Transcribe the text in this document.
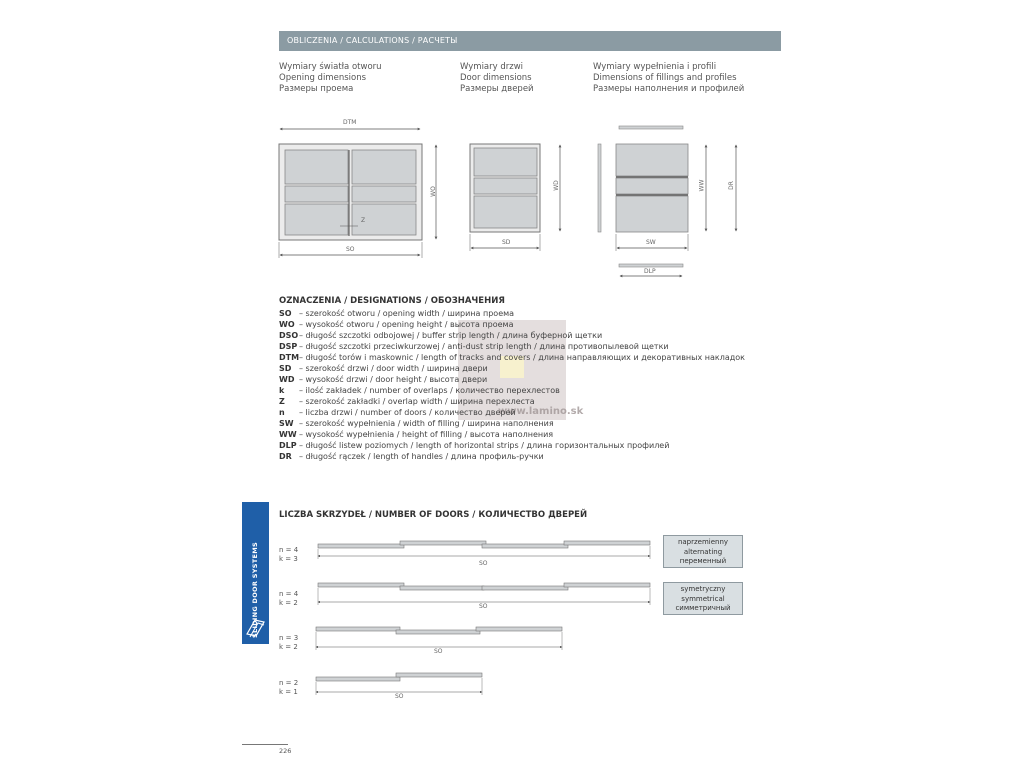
OBLICZENIA / CALCULATIONS / РАСЧЕТЫ
Wymiary światła otworu
Opening dimensions
Размеры проема
Wymiary drzwi
Door dimensions
Размеры дверей
Wymiary wypełnienia i profili
Dimensions of fillings and profiles
Размеры наполнения и профилей
DTM
WO
Z
SO
WD
SD
WW	DR
SW
DLP
www.lamino.sk
OZNACZENIA / DESIGNATIONS / ОБОЗНАЧЕНИЯ
SO – szerokość otworu / opening width / ширина проема
WO – wysokość otworu / opening height / высота проема
DSO– długość szczotki odbojowej / buffer strip length / длина буферной щетки
DSP – długość szczotki przeciwkurzowej / anti-dust strip length / длина противопылевой щетки
DTM– długość torów i maskownic / length of tracks and covers / длина направляющих и декоративных накладок
SD – szerokość drzwi / door width / ширина двери
WD – wysokość drzwi / door height / высота двери
k – ilość zakładek / number of overlaps / количество перехлестов
Z – szerokość zakładki / overlap width / ширина перехлеста
n – liczba drzwi / number of doors / количество дверей
SW – szerokość wypełnienia / width of filling / ширина наполнения
WW – wysokość wypełnienia / height of filling / высота наполнения
DLP – długość listew poziomych / length of horizontal strips / длина горизонтальных профилей
DR – długość rączek / length of handles / длина профиль-ручки
SLIDING DOOR SYSTEMS
LICZBA SKRZYDEŁ / NUMBER OF DOORS / КОЛИЧЕСТВО ДВЕРЕЙ
n = 4
k = 3
n = 4
k = 2
n = 3
k = 2
n = 2
k = 1
SO
SO
SO
SO
naprzemienny
alternating
переменный
symetryczny
symmetrical
симметричный
226
